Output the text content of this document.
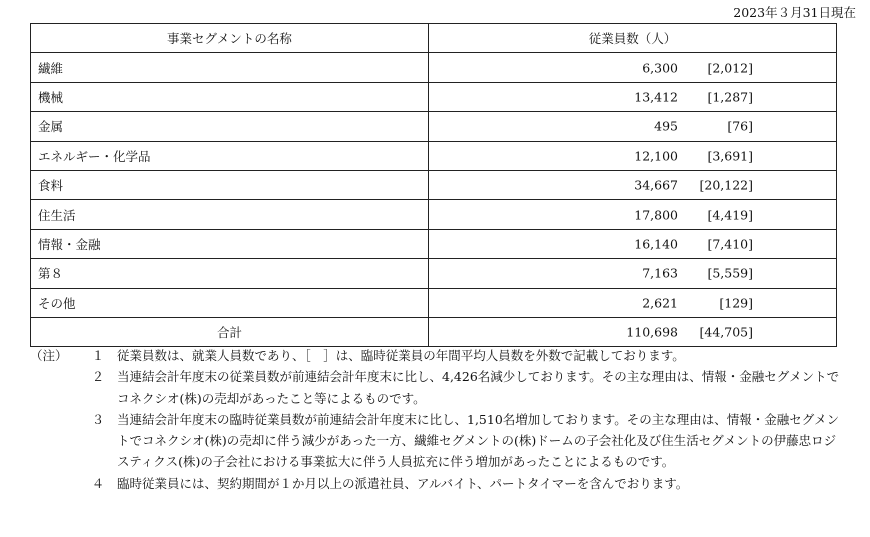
2023年３月31日現在
事業セグメントの名称	従業員数（人）
繊維	6,300 [2,012]

機械	13,412 [1,287]

金属	495 [76]

エネルギー・化学品	12,100 [3,691]

食料	34,667 [20,122]

住生活	17,800 [4,419]

情報・金融	16,140 [7,410]

第８	7,163 [5,559]

その他	2,621 [129]

合計	110,698 [44,705]
（注）	１	従業員数は、就業人員数であり、［　］は、臨時従業員の年間平均人員数を外数で記載しております。
２	当連結会計年度末の従業員数が前連結会計年度末に比し、4,426名減少しております。その主な理由は、情報・金融セグメントでコネクシオ(株)の売却があったこと等によるものです。
３	当連結会計年度末の臨時従業員数が前連結会計年度末に比し、1,510名増加しております。その主な理由は、情報・金融セグメントでコネクシオ(株)の売却に伴う減少があった一方、繊維セグメントの(株)ドームの子会社化及び住生活セグメントの伊藤忠ロジスティクス(株)の子会社における事業拡大に伴う人員拡充に伴う増加があったことによるものです。
４	臨時従業員には、契約期間が１か月以上の派遣社員、アルバイト、パートタイマーを含んでおります。
